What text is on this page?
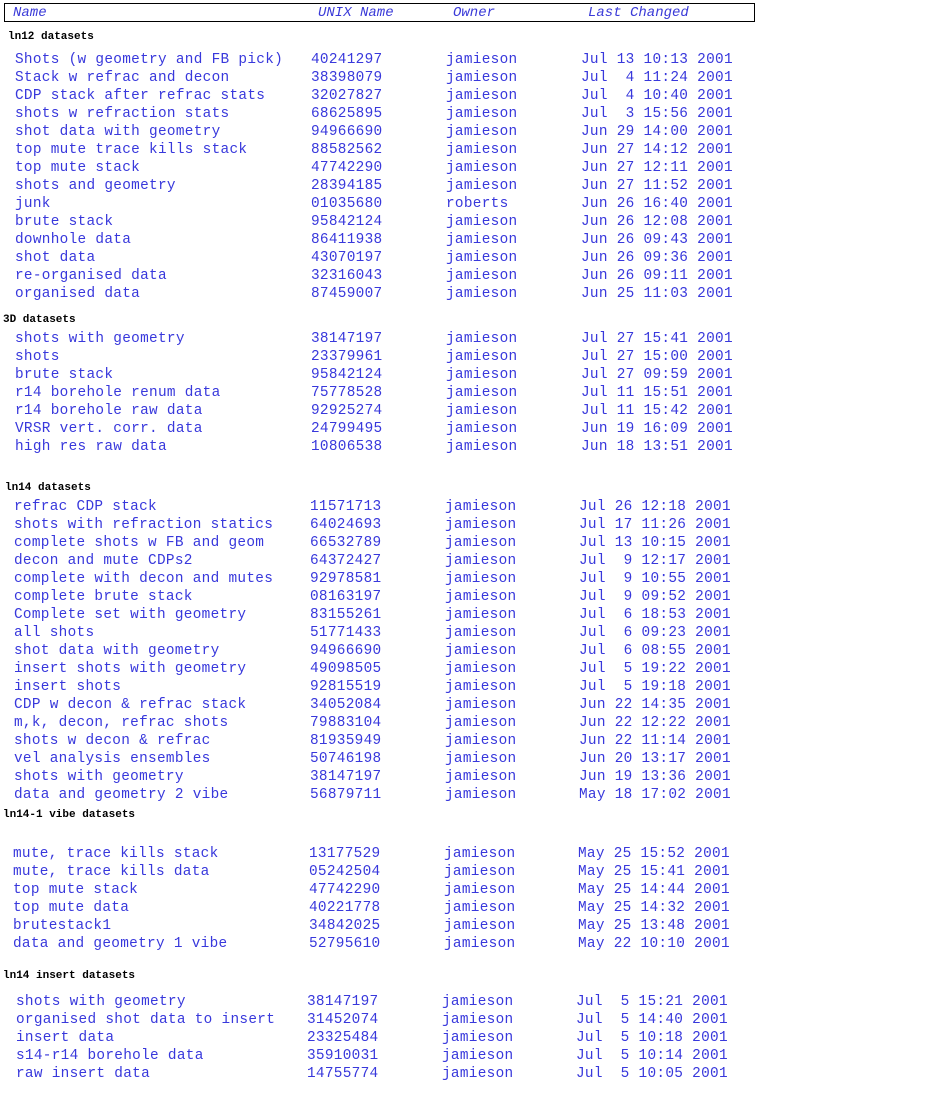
Name	UNIX Name	Owner	Last Changed
ln12 datasets
Shots (w geometry and FB pick) 40241297	jamieson	Jul 13 10:13 2001
Stack w refrac and decon	38398079	jamieson	Jul  4 11:24 2001
CDP stack after refrac stats	32027827	jamieson	Jul  4 10:40 2001
shots w refraction stats	68625895	jamieson	Jul  3 15:56 2001
shot data with geometry	94966690	jamieson	Jun 29 14:00 2001
top mute trace kills stack	88582562	jamieson	Jun 27 14:12 2001
top mute stack	47742290	jamieson	Jun 27 12:11 2001
shots and geometry	28394185	jamieson	Jun 27 11:52 2001
junk	01035680	roberts	Jun 26 16:40 2001
brute stack	95842124	jamieson	Jun 26 12:08 2001
downhole data	86411938	jamieson	Jun 26 09:43 2001
shot data	43070197	jamieson	Jun 26 09:36 2001
re-organised data	32316043	jamieson	Jun 26 09:11 2001
organised data	87459007	jamieson	Jun 25 11:03 2001
3D datasets
shots with geometry	38147197	jamieson	Jul 27 15:41 2001
shots	23379961	jamieson	Jul 27 15:00 2001
brute stack	95842124	jamieson	Jul 27 09:59 2001
r14 borehole renum data	75778528	jamieson	Jul 11 15:51 2001
r14 borehole raw data	92925274	jamieson	Jul 11 15:42 2001
VRSR vert. corr. data	24799495	jamieson	Jun 19 16:09 2001
high res raw data	10806538	jamieson	Jun 18 13:51 2001
ln14 datasets
refrac CDP stack	11571713	jamieson	Jul 26 12:18 2001
shots with refraction statics	64024693	jamieson	Jul 17 11:26 2001
complete shots w FB and geom	66532789	jamieson	Jul 13 10:15 2001
decon and mute CDPs2	64372427	jamieson	Jul  9 12:17 2001
complete with decon and mutes	92978581	jamieson	Jul  9 10:55 2001
complete brute stack	08163197	jamieson	Jul  9 09:52 2001
Complete set with geometry	83155261	jamieson	Jul  6 18:53 2001
all shots	51771433	jamieson	Jul  6 09:23 2001
shot data with geometry	94966690	jamieson	Jul  6 08:55 2001
insert shots with geometry	49098505	jamieson	Jul  5 19:22 2001
insert shots	92815519	jamieson	Jul  5 19:18 2001
CDP w decon & refrac stack	34052084	jamieson	Jun 22 14:35 2001
m,k, decon, refrac shots	79883104	jamieson	Jun 22 12:22 2001
shots w decon & refrac	81935949	jamieson	Jun 22 11:14 2001
vel analysis ensembles	50746198	jamieson	Jun 20 13:17 2001
shots with geometry	38147197	jamieson	Jun 19 13:36 2001
data and geometry 2 vibe	56879711	jamieson	May 18 17:02 2001
ln14-1 vibe datasets
mute, trace kills stack	13177529	jamieson	May 25 15:52 2001
mute, trace kills data	05242504	jamieson	May 25 15:41 2001
top mute stack	47742290	jamieson	May 25 14:44 2001
top mute data	40221778	jamieson	May 25 14:32 2001
brutestack1	34842025	jamieson	May 25 13:48 2001
data and geometry 1 vibe	52795610	jamieson	May 22 10:10 2001
ln14 insert datasets
shots with geometry	38147197	jamieson	Jul  5 15:21 2001
organised shot data to insert 31452074	jamieson	Jul  5 14:40 2001
insert data	23325484	jamieson	Jul  5 10:18 2001
s14-r14 borehole data	35910031	jamieson	Jul  5 10:14 2001
raw insert data	14755774	jamieson	Jul  5 10:05 2001
